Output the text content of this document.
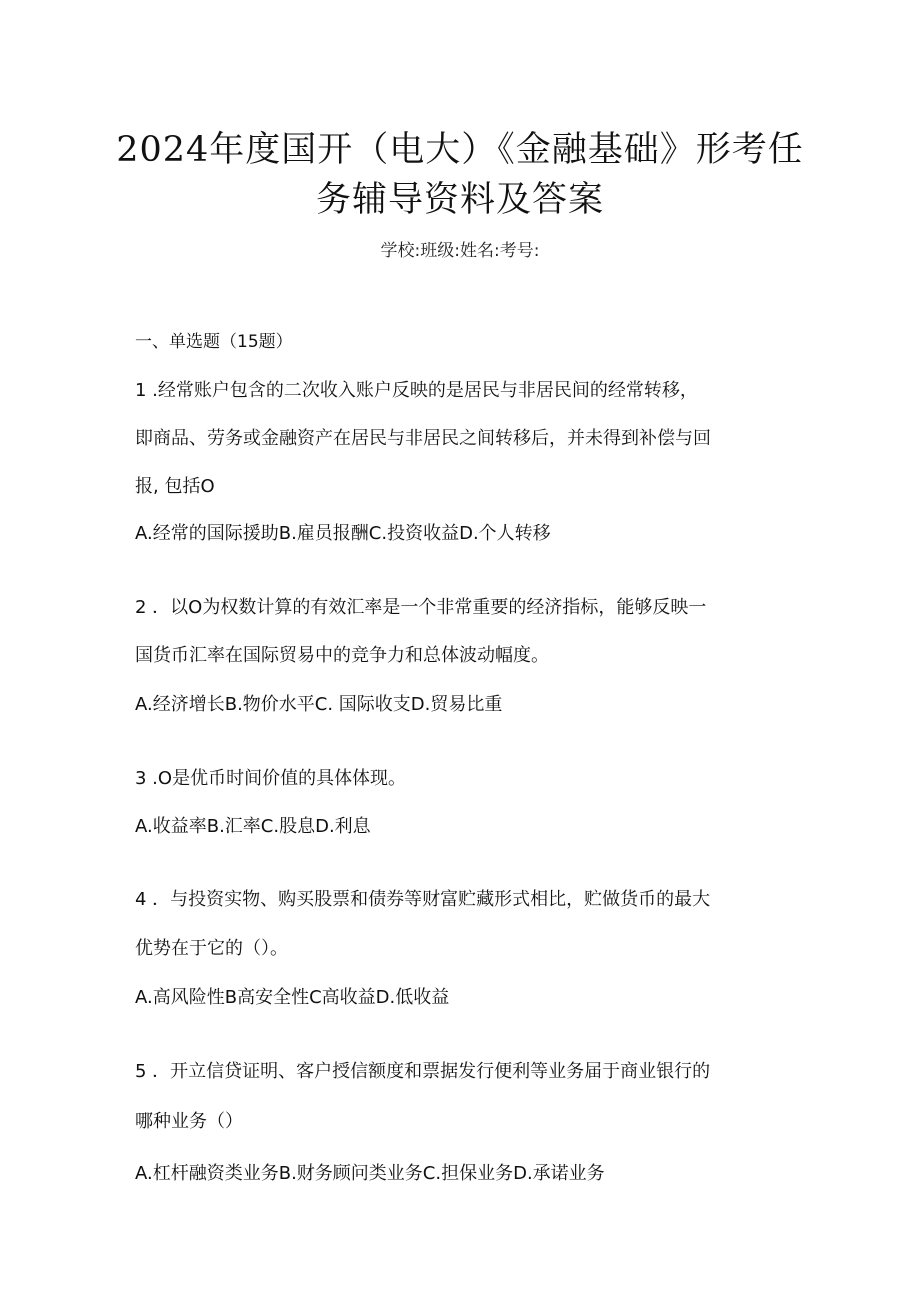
2024年度国开（电大）《金融基础》形考任
务辅导资料及答案
学校:班级:姓名:考号:
一、单选题（15题）
1 .经常账户包含的二次收入账户反映的是居民与非居民间的经常转移，
即商品、劳务或金融资产在居民与非居民之间转移后，并未得到补偿与回
报, 包括O
A.经常的国际援助B.雇员报酬C.投资收益D.个人转移
2 ．以O为权数计算的有效汇率是一个非常重要的经济指标，能够反映一
国货币汇率在国际贸易中的竞争力和总体波动幅度。
A.经济增长B.物价水平C. 国际收支D.贸易比重
3 .O是优币时间价值的具体体现。
A.收益率B.汇率C.股息D.利息
4 ．与投资实物、购买股票和债券等财富贮藏形式相比，贮做货币的最大
优势在于它的（）。
A.高风险性B高安全性C高收益D.低收益
5 ．开立信贷证明、客户授信额度和票据发行便利等业务届于商业银行的
哪种业务（）
A.杠杆融资类业务B.财务顾问类业务C.担保业务D.承诺业务
